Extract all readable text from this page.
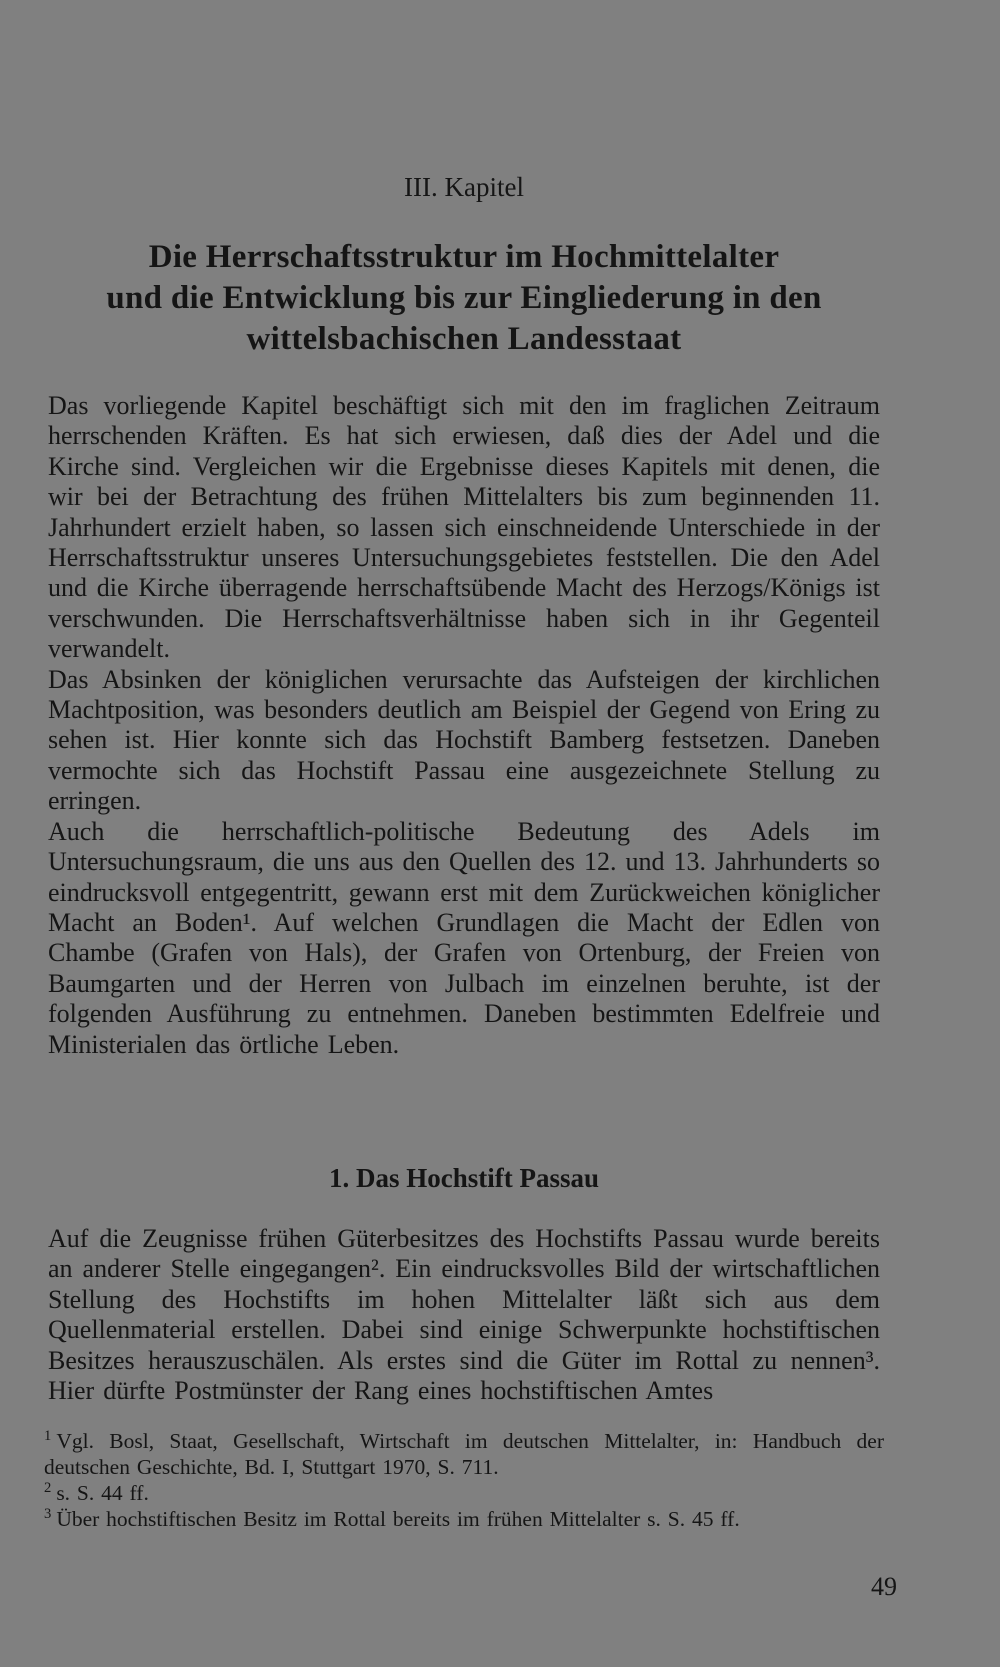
III. Kapitel
Die Herrschaftsstruktur im Hochmittelalter
und die Entwicklung bis zur Eingliederung in den
wittelsbachischen Landesstaat

Das vorliegende Kapitel beschäftigt sich mit den im fraglichen Zeitraum herrschenden Kräften. Es hat sich erwiesen, daß dies der Adel und die Kirche sind. Vergleichen wir die Ergebnisse dieses Kapitels mit denen, die wir bei der Betrachtung des frühen Mittelalters bis zum beginnenden 11. Jahrhundert erzielt haben, so lassen sich einschneidende Unterschiede in der Herrschaftsstruktur unseres Untersuchungsgebietes feststellen. Die den Adel und die Kirche überragende herrschaftsübende Macht des Herzogs/Königs ist verschwunden. Die Herrschaftsverhältnisse haben sich in ihr Gegenteil verwandelt.

Das Absinken der königlichen verursachte das Aufsteigen der kirchlichen Machtposition, was besonders deutlich am Beispiel der Gegend von Ering zu sehen ist. Hier konnte sich das Hochstift Bamberg festsetzen. Daneben vermochte sich das Hochstift Passau eine ausgezeichnete Stellung zu erringen.

Auch die herrschaftlich-politische Bedeutung des Adels im Untersuchungsraum, die uns aus den Quellen des 12. und 13. Jahrhunderts so eindrucksvoll entgegentritt, gewann erst mit dem Zurückweichen königlicher Macht an Boden¹. Auf welchen Grundlagen die Macht der Edlen von Chambe (Grafen von Hals), der Grafen von Ortenburg, der Freien von Baumgarten und der Herren von Julbach im einzelnen beruhte, ist der folgenden Ausführung zu entnehmen. Daneben bestimmten Edelfreie und Ministerialen das örtliche Leben.

1. Das Hochstift Passau

Auf die Zeugnisse frühen Güterbesitzes des Hochstifts Passau wurde bereits an anderer Stelle eingegangen². Ein eindrucksvolles Bild der wirtschaftlichen Stellung des Hochstifts im hohen Mittelalter läßt sich aus dem Quellenmaterial erstellen. Dabei sind einige Schwerpunkte hochstiftischen Besitzes herauszuschälen. Als erstes sind die Güter im Rottal zu nennen³. Hier dürfte Postmünster der Rang eines hochstiftischen Amtes

$^1$ Vgl. Bosl, Staat, Gesellschaft, Wirtschaft im deutschen Mittelalter, in: Handbuch der deutschen Geschichte, Bd. I, Stuttgart 1970, S. 711.

$^2$ s. S. 44 ff.

$^3$ Über hochstiftischen Besitz im Rottal bereits im frühen Mittelalter s. S. 45 ff.

49
